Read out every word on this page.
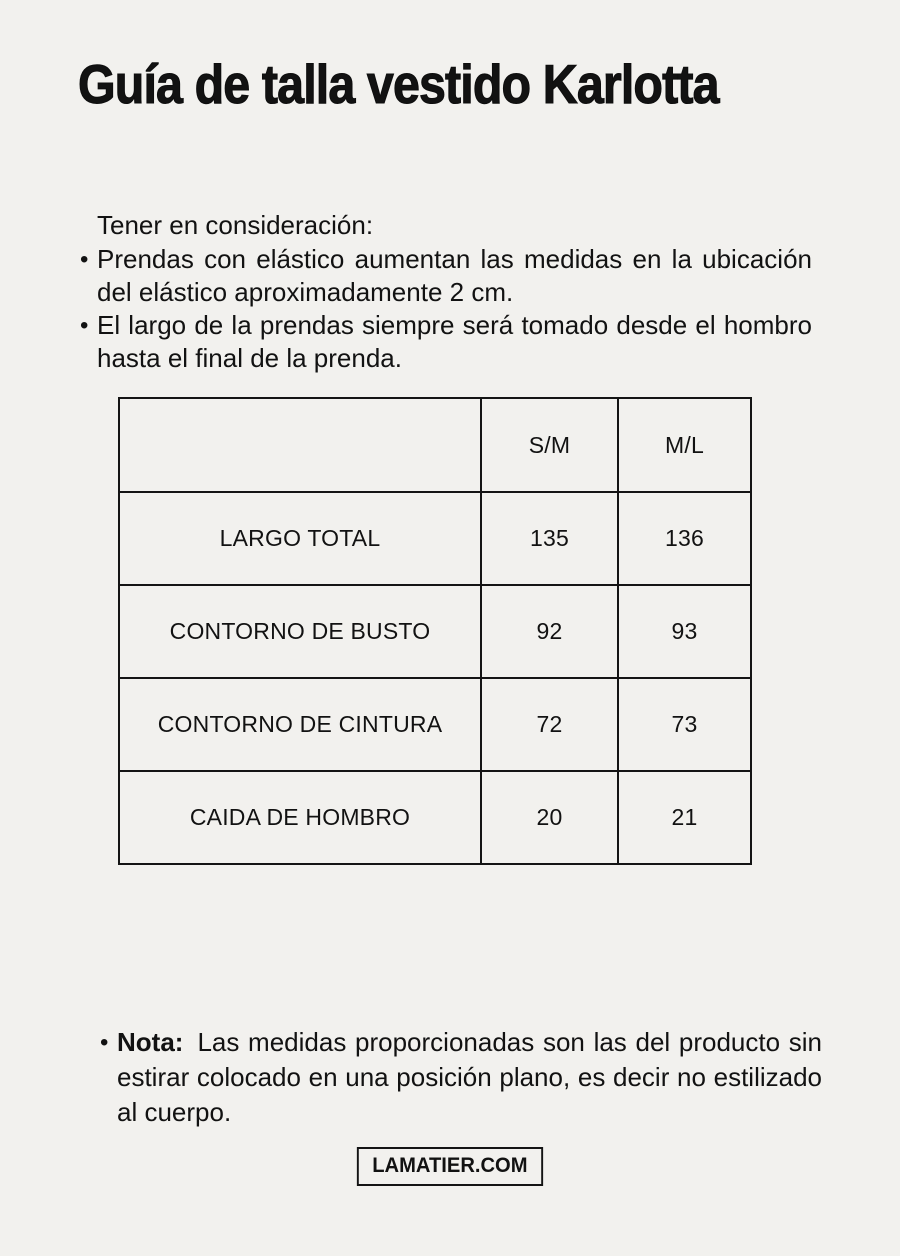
Guía de talla vestido Karlotta
Tener en consideración:
• Prendas con elástico aumentan las medidas en la ubicación del elástico aproximadamente 2 cm.
• El largo de la prendas siempre será tomado desde el hombro hasta el final de la prenda.
	S/M	M/L
LARGO TOTAL	135	136
CONTORNO DE BUSTO	92	93
CONTORNO DE CINTURA	72	73
CAIDA DE HOMBRO	20	21
• Nota: Las medidas proporcionadas son las del producto sin estirar colocado en una posición plano, es decir no estilizado al cuerpo.
LAMATIER.COM
